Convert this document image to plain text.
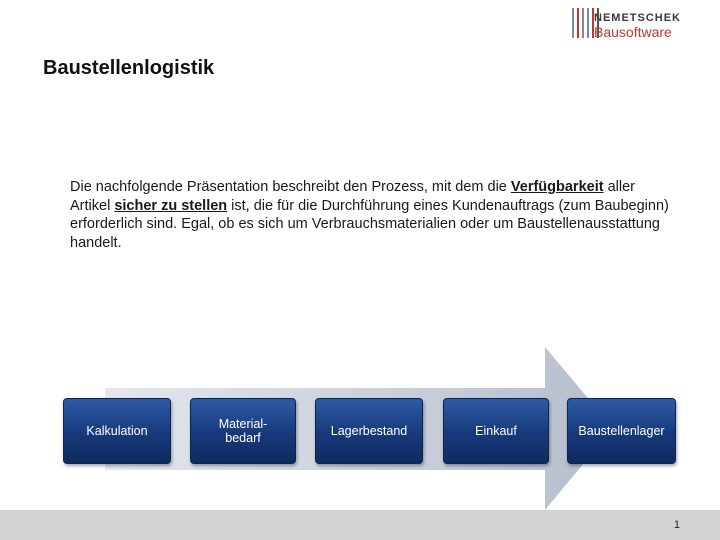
NEMETSCHEK
Bausoftware
Baustellenlogistik
Die nachfolgende Präsentation beschreibt den Prozess, mit dem die Verfügbarkeit aller Artikel sicher zu stellen ist, die für die Durchführung eines Kundenauftrags (zum Baubeginn) erforderlich sind. Egal, ob es sich um Verbrauchsmaterialien oder um Baustellenausstattung handelt.
Kalkulation	Material-
bedarf	Lagerbestand	Einkauf	Baustellenlager
1
